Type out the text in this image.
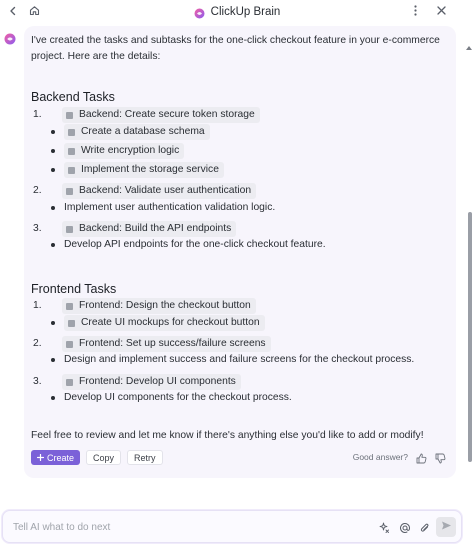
ClickUp Brain

I've created the tasks and subtasks for the one-click checkout feature in your e-commerce project. Here are the details:

Backend Tasks
1.	Backend: Create secure token storage
Create a database schema
Write encryption logic
Implement the storage service
2.	Backend: Validate user authentication
Implement user authentication validation logic.
3.	Backend: Build the API endpoints
Develop API endpoints for the one-click checkout feature.
Frontend Tasks
1.	Frontend: Design the checkout button
Create UI mockups for checkout button
2.	Frontend: Set up success/failure screens
Design and implement success and failure screens for the checkout process.
3.	Frontend: Develop UI components
Develop UI components for the checkout process.

Feel free to review and let me know if there's anything else you'd like to add or modify!

Create	Copy	Retry	Good answer?
Tell AI what to do next
